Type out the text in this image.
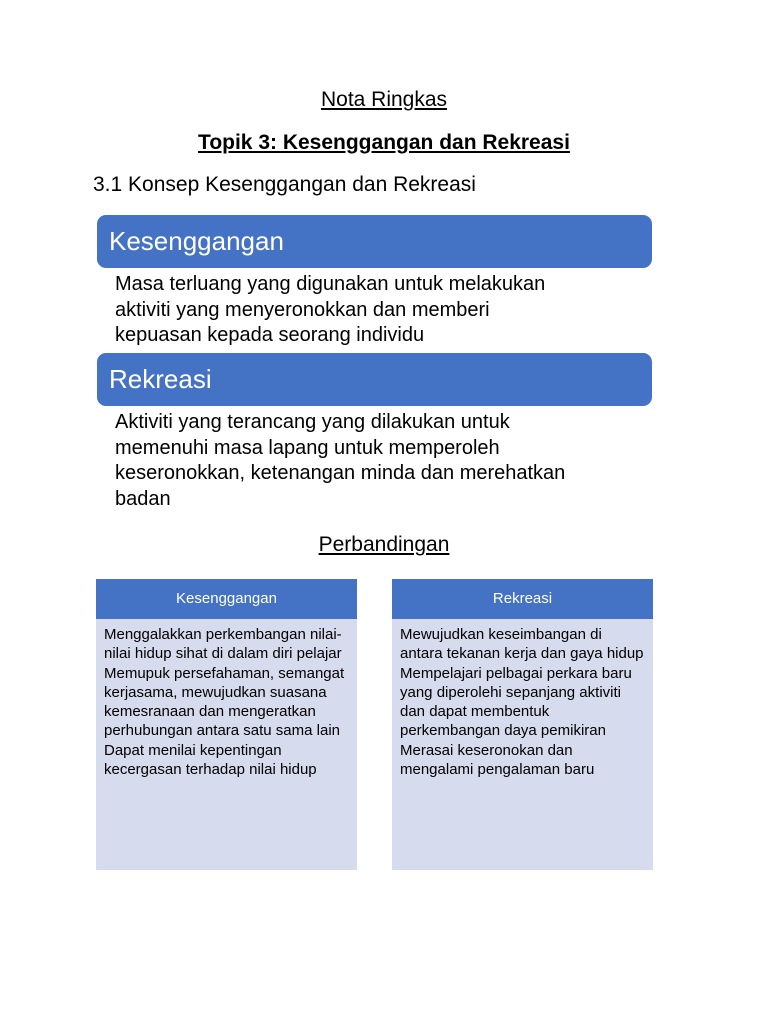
Nota Ringkas
Topik 3: Kesenggangan dan Rekreasi
3.1 Konsep Kesenggangan dan Rekreasi
Kesenggangan
Masa terluang yang digunakan untuk melakukan
aktiviti yang menyeronokkan dan memberi
kepuasan kepada seorang individu
Rekreasi
Aktiviti yang terancang yang dilakukan untuk
memenuhi masa lapang untuk memperoleh
keseronokkan, ketenangan minda dan merehatkan
badan
Perbandingan
Kesenggangan

Menggalakkan perkembangan nilai-nilai hidup sihat di dalam diri pelajar

Memupuk persefahaman, semangat kerjasama, mewujudkan suasana kemesranaan dan mengeratkan perhubungan antara satu sama lain

Dapat menilai kepentingan kecergasan terhadap nilai hidup

Rekreasi

Mewujudkan keseimbangan di antara tekanan kerja dan gaya hidup

Mempelajari pelbagai perkara baru yang diperolehi sepanjang aktiviti dan dapat membentuk perkembangan daya pemikiran

Merasai keseronokan dan mengalami pengalaman baru
